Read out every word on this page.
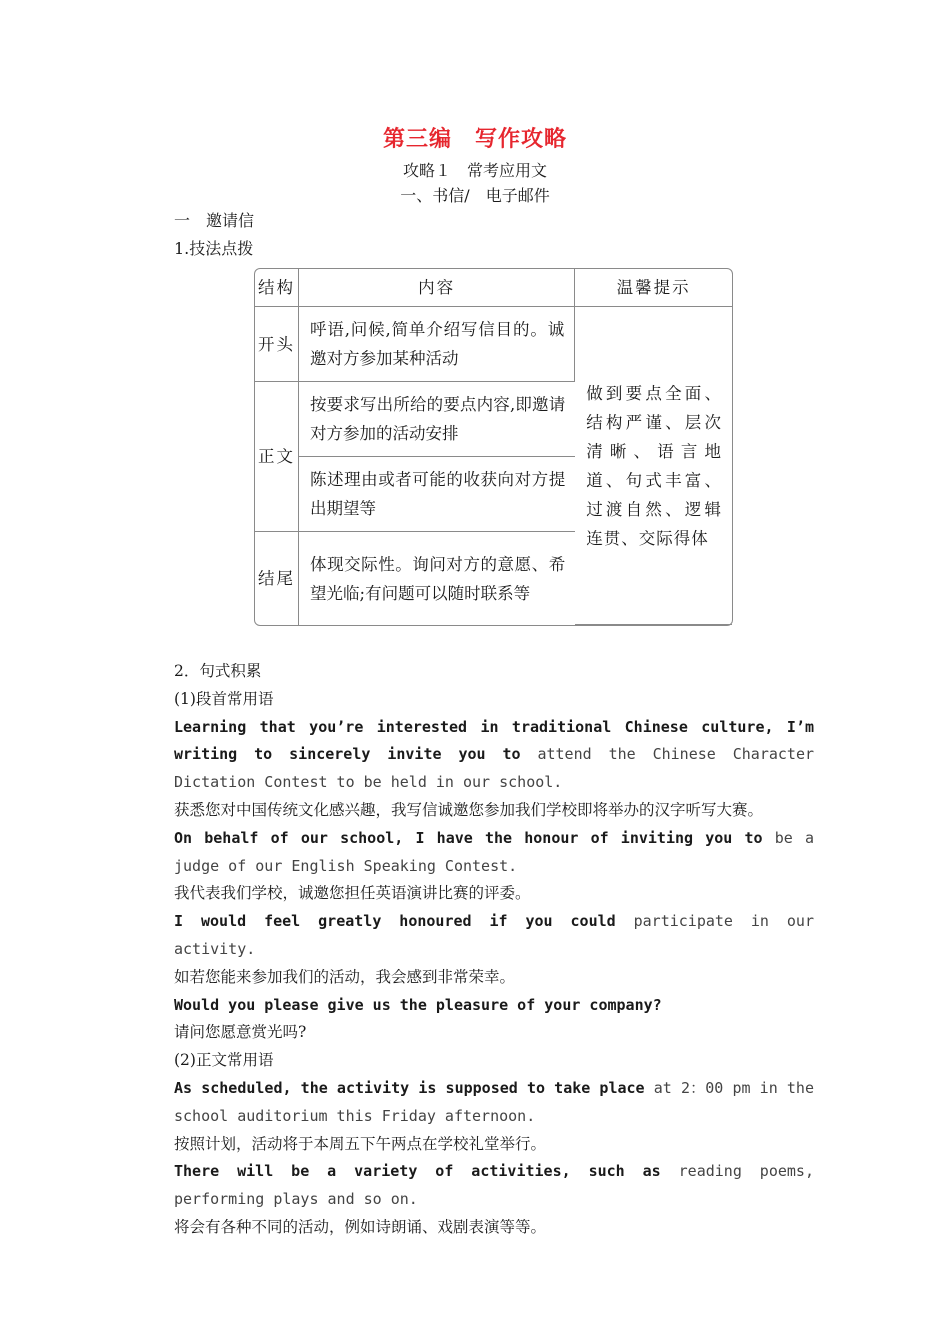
第三编　写作攻略
攻略１　常考应用文
一、书信/　电子邮件
一　邀请信
1.技法点拨
结构	内容	温馨提示
开头	呼语,问候,简单介绍写信目的。诚邀对方参加某种活动	做到要点全面、结构严谨、层次清晰、语言地道、句式丰富、过渡自然、逻辑连贯、交际得体
正文	按要求写出所给的要点内容,即邀请对方参加的活动安排	
	陈述理由或者可能的收获向对方提出期望等	
结尾	体现交际性。询问对方的意愿、希望光临;有问题可以随时联系等	

2．句式积累

(1)段首常用语

Learning that you’re interested in traditional Chinese culture, I’m writing to sincerely invite you to attend the Chinese Character Dictation Contest to be held in our school.

获悉您对中国传统文化感兴趣，我写信诚邀您参加我们学校即将举办的汉字听写大赛。

On behalf of our school, I have the honour of inviting you to be a judge of our English Speaking Contest.

我代表我们学校，诚邀您担任英语演讲比赛的评委。

I would feel greatly honoured if you could participate in our activity.

如若您能来参加我们的活动，我会感到非常荣幸。

Would you please give us the pleasure of your company?

请问您愿意赏光吗?

(2)正文常用语

As scheduled, the activity is supposed to take place at 2：00 pm in the school auditorium this Friday afternoon.

按照计划，活动将于本周五下午两点在学校礼堂举行。

There will be a variety of activities, such as reading poems, performing plays and so on.

将会有各种不同的活动，例如诗朗诵、戏剧表演等等。
